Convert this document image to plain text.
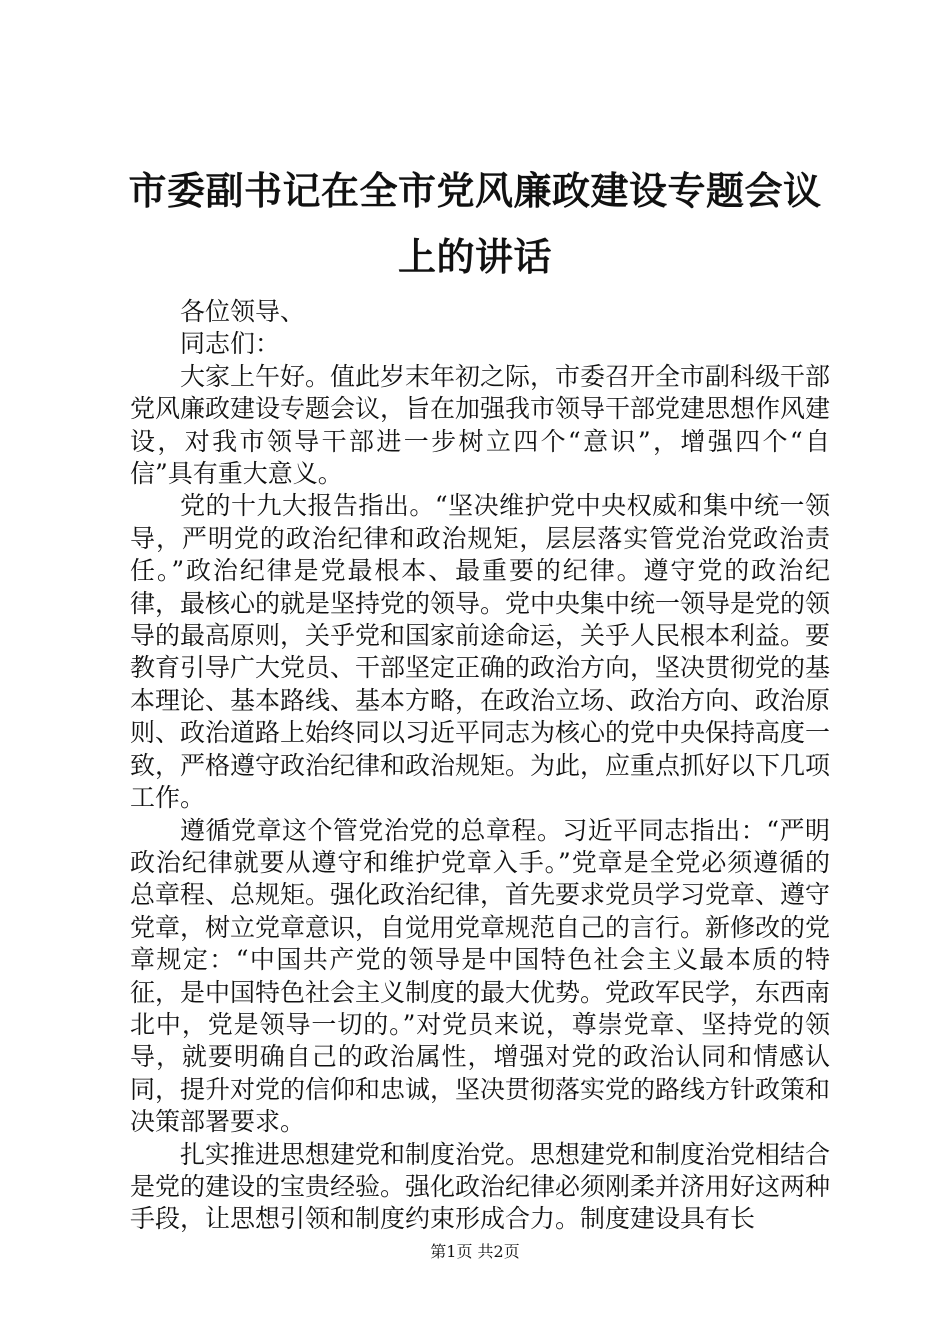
市委副书记在全市党风廉政建设专题会议上的讲话

各位领导、

同志们：

大家上午好。值此岁末年初之际，市委召开全市副科级干部党风廉政建设专题会议，旨在加强我市领导干部党建思想作风建设，对我市领导干部进一步树立四个“意识”，增强四个“自信”具有重大意义。

党的十九大报告指出。“坚决维护党中央权威和集中统一领导，严明党的政治纪律和政治规矩，层层落实管党治党政治责任。”政治纪律是党最根本、最重要的纪律。遵守党的政治纪律，最核心的就是坚持党的领导。党中央集中统一领导是党的领导的最高原则，关乎党和国家前途命运，关乎人民根本利益。要教育引导广大党员、干部坚定正确的政治方向，坚决贯彻党的基本理论、基本路线、基本方略，在政治立场、政治方向、政治原则、政治道路上始终同以习近平同志为核心的党中央保持高度一致，严格遵守政治纪律和政治规矩。为此，应重点抓好以下几项工作。

遵循党章这个管党治党的总章程。习近平同志指出：“严明政治纪律就要从遵守和维护党章入手。”党章是全党必须遵循的总章程、总规矩。强化政治纪律，首先要求党员学习党章、遵守党章，树立党章意识，自觉用党章规范自己的言行。新修改的党章规定：“中国共产党的领导是中国特色社会主义最本质的特征，是中国特色社会主义制度的最大优势。党政军民学，东西南北中，党是领导一切的。”对党员来说，尊崇党章、坚持党的领导，就要明确自己的政治属性，增强对党的政治认同和情感认同，提升对党的信仰和忠诚，坚决贯彻落实党的路线方针政策和决策部署要求。

扎实推进思想建党和制度治党。思想建党和制度治党相结合是党的建设的宝贵经验。强化政治纪律必须刚柔并济用好这两种手段，让思想引领和制度约束形成合力。制度建设具有长

第1页 共2页
